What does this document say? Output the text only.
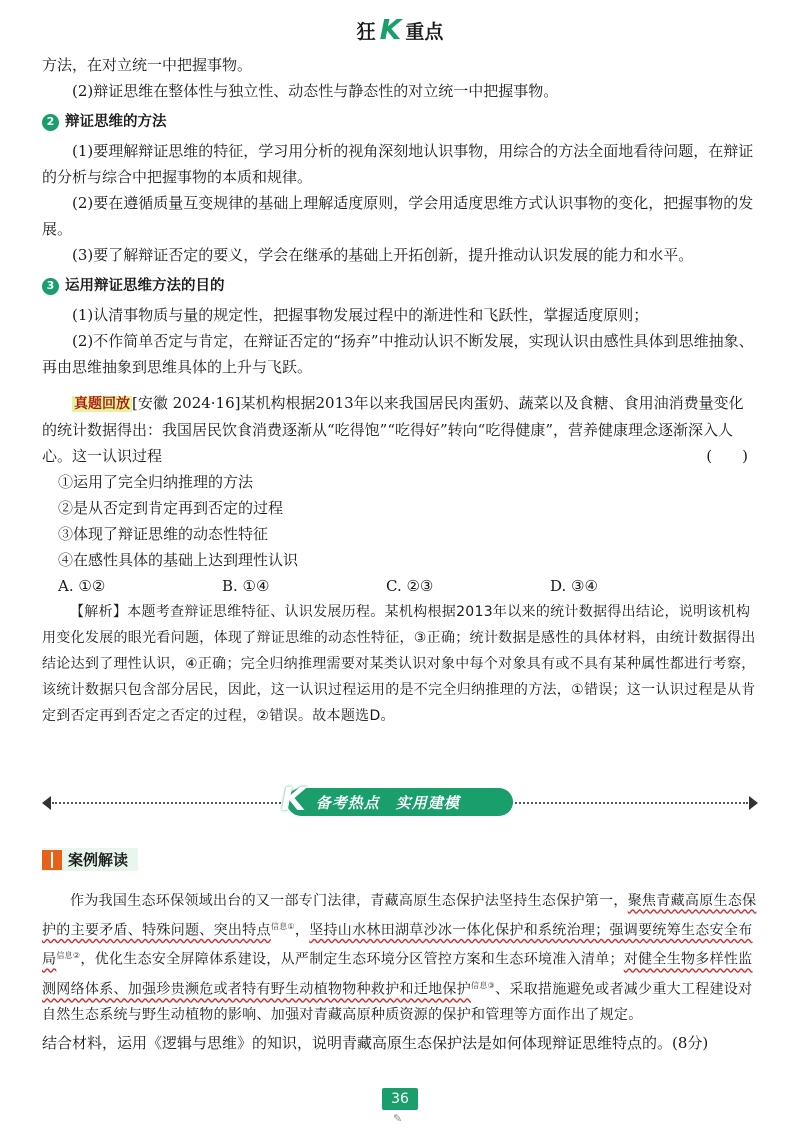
狂 K 重点

方法，在对立统一中把握事物。

(2)辩证思维在整体性与独立性、动态性与静态性的对立统一中把握事物。

2 辩证思维的方法

(1)要理解辩证思维的特征，学习用分析的视角深刻地认识事物，用综合的方法全面地看待问题，在辩证的分析与综合中把握事物的本质和规律。

(2)要在遵循质量互变规律的基础上理解适度原则，学会用适度思维方式认识事物的变化，把握事物的发展。

(3)要了解辩证否定的要义，学会在继承的基础上开拓创新，提升推动认识发展的能力和水平。

3 运用辩证思维方法的目的

(1)认清事物质与量的规定性，把握事物发展过程中的渐进性和飞跃性，掌握适度原则；

(2)不作简单否定与肯定，在辩证否定的“扬弃”中推动认识不断发展，实现认识由感性具体到思维抽象、再由思维抽象到思维具体的上升与飞跃。

真题回放 [安徽 2024·16]某机构根据2013年以来我国居民肉蛋奶、蔬菜以及食糖、食用油消费量变化的统计数据得出：我国居民饮食消费逐渐从“吃得饱”“吃得好”转向“吃得健康”，营养健康理念逐渐深入人心。这一认识过程	(　　)

①运用了完全归纳推理的方法

②是从否定到肯定再到否定的过程

③体现了辩证思维的动态性特征

④在感性具体的基础上达到理性认识

A. ①②	B. ①④	C. ②③	D. ③④

【解析】本题考查辩证思维特征、认识发展历程。某机构根据2013年以来的统计数据得出结论，说明该机构用变化发展的眼光看问题，体现了辩证思维的动态性特征，③正确；统计数据是感性的具体材料，由统计数据得出结论达到了理性认识，④正确；完全归纳推理需要对某类认识对象中每个对象具有或不具有某种属性都进行考察，该统计数据只包含部分居民，因此，这一认识过程运用的是不完全归纳推理的方法，①错误；这一认识过程是从肯定到否定再到否定之否定的过程，②错误。故本题选D。

K 备考热点　实用建模
案例解读

作为我国生态环保领域出台的又一部专门法律，青藏高原生态保护法坚持生态保护第一，聚焦青藏高原生态保护的主要矛盾、特殊问题、突出特点$^{信息①}$，坚持山水林田湖草沙冰一体化保护和系统治理；强调要统筹生态安全布局$^{信息②}$，优化生态安全屏障体系建设，从严制定生态环境分区管控方案和生态环境准入清单；对健全生物多样性监测网络体系、加强珍贵濒危或者特有野生动植物物种救护和迁地保护$^{信息③}$、采取措施避免或者减少重大工程建设对自然生态系统与野生动植物的影响、加强对青藏高原种质资源的保护和管理等方面作出了规定。

结合材料，运用《逻辑与思维》的知识，说明青藏高原生态保护法是如何体现辩证思维特点的。(8分)

36
✎
